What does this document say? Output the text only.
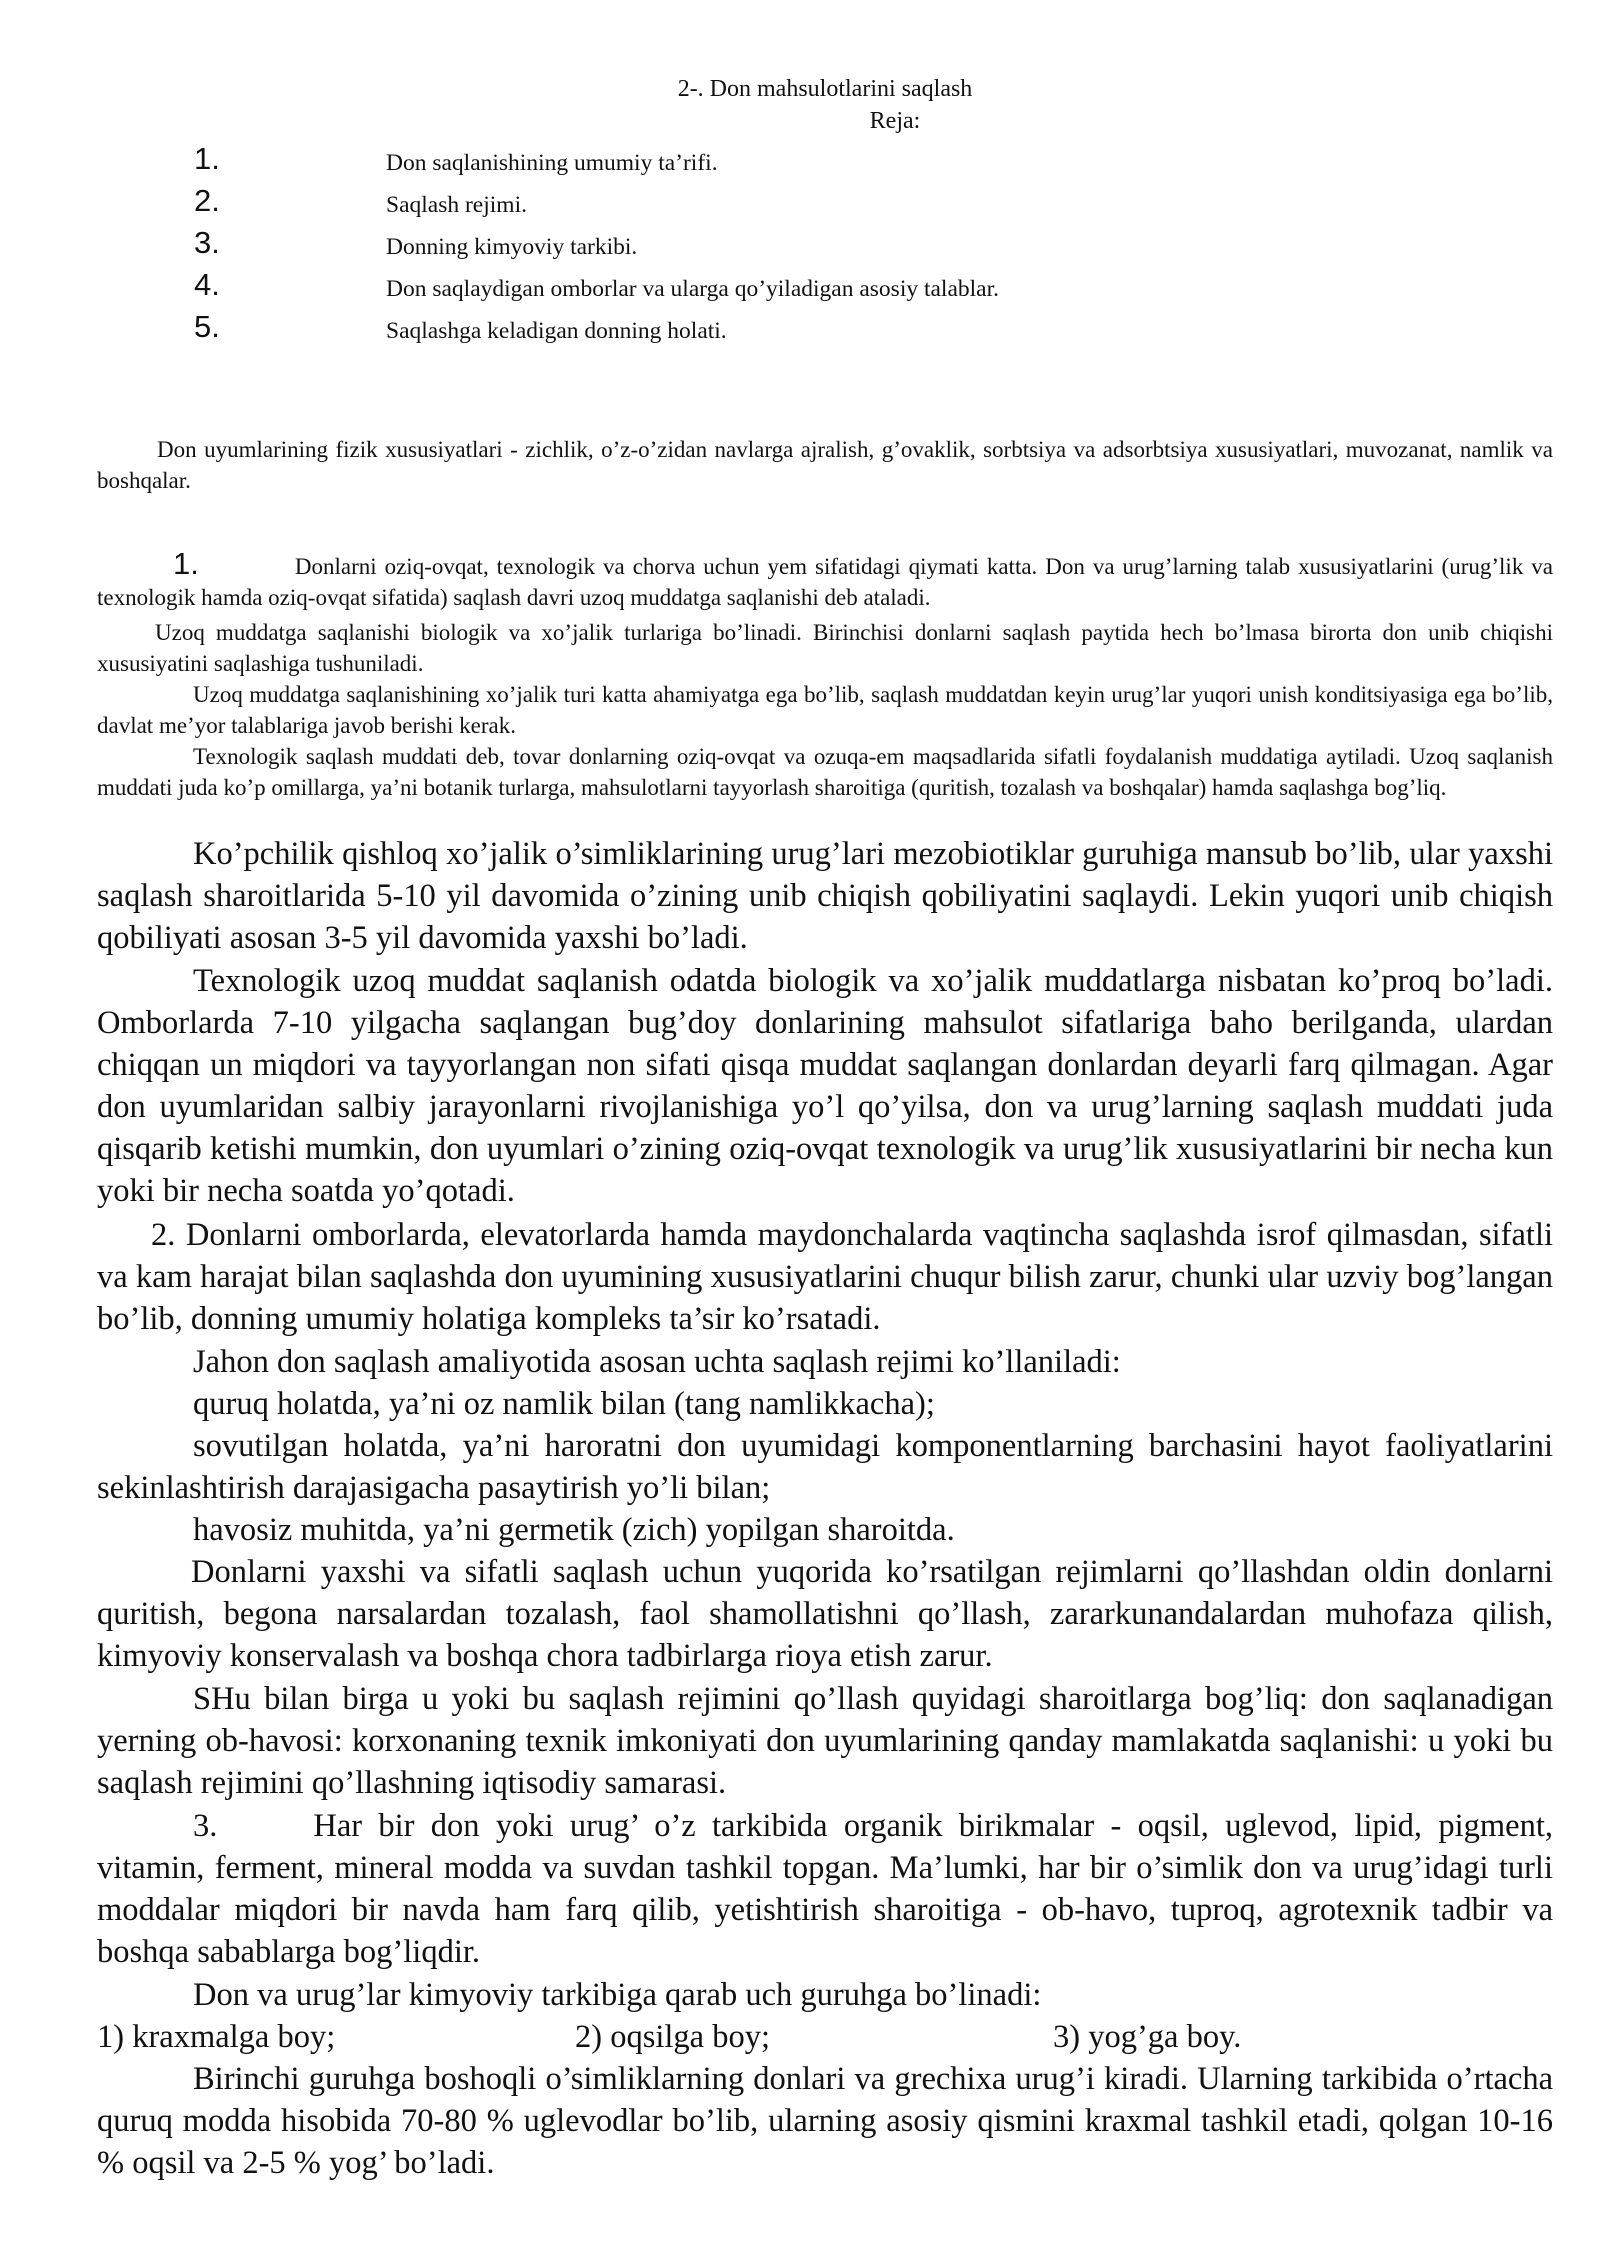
2-. Don mahsulotlarini saqlash
Reja:
1.	Don saqlanishining umumiy ta’rifi.
2.	Saqlash rejimi.
3.	Donning kimyoviy tarkibi.
4.	Don saqlaydigan omborlar va ularga qo’yiladigan asosiy talablar.
5.	Saqlashga keladigan donning holati.
Don uyumlarining fizik xususiyatlari - zichlik, o’z-o’zidan navlarga ajralish, g’ovaklik, sorbtsiya va adsorbtsiya xususiyatlari, muvozanat, namlik va boshqalar.
1.	Donlarni oziq-ovqat, texnologik va chorva uchun yem sifatidagi qiymati katta. Don va urug’larning talab xususiyatlarini (urug’lik va texnologik hamda oziq-ovqat sifatida) saqlash davri uzoq muddatga saqlanishi deb ataladi.
Uzoq muddatga saqlanishi biologik va xo’jalik turlariga bo’linadi. Birinchisi donlarni saqlash paytida hech bo’lmasa birorta don unib chiqishi xususiyatini saqlashiga tushuniladi.
Uzoq muddatga saqlanishining xo’jalik turi katta ahamiyatga ega bo’lib, saqlash muddatdan keyin urug’lar yuqori unish konditsiyasiga ega bo’lib, davlat me’yor talablariga javob berishi kerak.
Texnologik saqlash muddati deb, tovar donlarning oziq-ovqat va ozuqa-em maqsadlarida sifatli foydalanish muddatiga aytiladi. Uzoq saqlanish muddati juda ko’p omillarga, ya’ni botanik turlarga, mahsulotlarni tayyorlash sharoitiga (quritish, tozalash va boshqalar) hamda saqlashga bog’liq.
Ko’pchilik qishloq xo’jalik o’simliklarining urug’lari mezobiotiklar guruhiga mansub bo’lib, ular yaxshi saqlash sharoitlarida 5-10 yil davomida o’zining unib chiqish qobiliyatini saqlaydi. Lekin yuqori unib chiqish qobiliyati asosan 3-5 yil davomida yaxshi bo’ladi.
Texnologik uzoq muddat saqlanish odatda biologik va xo’jalik muddatlarga nisbatan ko’proq bo’ladi. Omborlarda 7-10 yilgacha saqlangan bug’doy donlarining mahsulot sifatlariga baho berilganda, ulardan chiqqan un miqdori va tayyorlangan non sifati qisqa muddat saqlangan donlardan deyarli farq qilmagan. Agar don uyumlaridan salbiy jarayonlarni rivojlanishiga yo’l qo’yilsa, don va urug’larning saqlash muddati juda qisqarib ketishi mumkin, don uyumlari o’zining oziq-ovqat texnologik va urug’lik xususiyatlarini bir necha kun yoki bir necha soatda yo’qotadi.
2. Donlarni omborlarda, elevatorlarda hamda maydonchalarda vaqtincha saqlashda isrof qilmasdan, sifatli va kam harajat bilan saqlashda don uyumining xususiyatlarini chuqur bilish zarur, chunki ular uzviy bog’langan bo’lib, donning umumiy holatiga kompleks ta’sir ko’rsatadi.
Jahon don saqlash amaliyotida asosan uchta saqlash rejimi ko’llaniladi:
quruq holatda, ya’ni oz namlik bilan (tang namlikkacha);
sovutilgan holatda, ya’ni haroratni don uyumidagi komponentlarning barchasini hayot faoliyatlarini sekinlashtirish darajasigacha pasaytirish yo’li bilan;
havosiz muhitda, ya’ni germetik (zich) yopilgan sharoitda.
Donlarni yaxshi va sifatli saqlash uchun yuqorida ko’rsatilgan rejimlarni qo’llashdan oldin donlarni quritish, begona narsalardan tozalash, faol shamollatishni qo’llash, zararkunandalardan muhofaza qilish, kimyoviy konservalash va boshqa chora tadbirlarga rioya etish zarur.
SHu bilan birga u yoki bu saqlash rejimini qo’llash quyidagi sharoitlarga bog’liq: don saqlanadigan yerning ob-havosi: korxonaning texnik imkoniyati don uyumlarining qanday mamlakatda saqlanishi: u yoki bu saqlash rejimini qo’llashning iqtisodiy samarasi.
3.	Har bir don yoki urug’ o’z tarkibida organik birikmalar - oqsil, uglevod, lipid, pigment, vitamin, ferment, mineral modda va suvdan tashkil topgan. Ma’lumki, har bir o’simlik don va urug’idagi turli moddalar miqdori bir navda ham farq qilib, yetishtirish sharoitiga - ob-havo, tuproq, agrotexnik tadbir va boshqa sabablarga bog’liqdir.
Don va urug’lar kimyoviy tarkibiga qarab uch guruhga bo’linadi:
1) kraxmalga boy;	2) oqsilga boy;	3) yog’ga boy.
Birinchi guruhga boshoqli o’simliklarning donlari va grechixa urug’i kiradi. Ularning tarkibida o’rtacha quruq modda hisobida 70-80 % uglevodlar bo’lib, ularning asosiy qismini kraxmal tashkil etadi, qolgan 10-16 % oqsil va 2-5 % yog’ bo’ladi.
